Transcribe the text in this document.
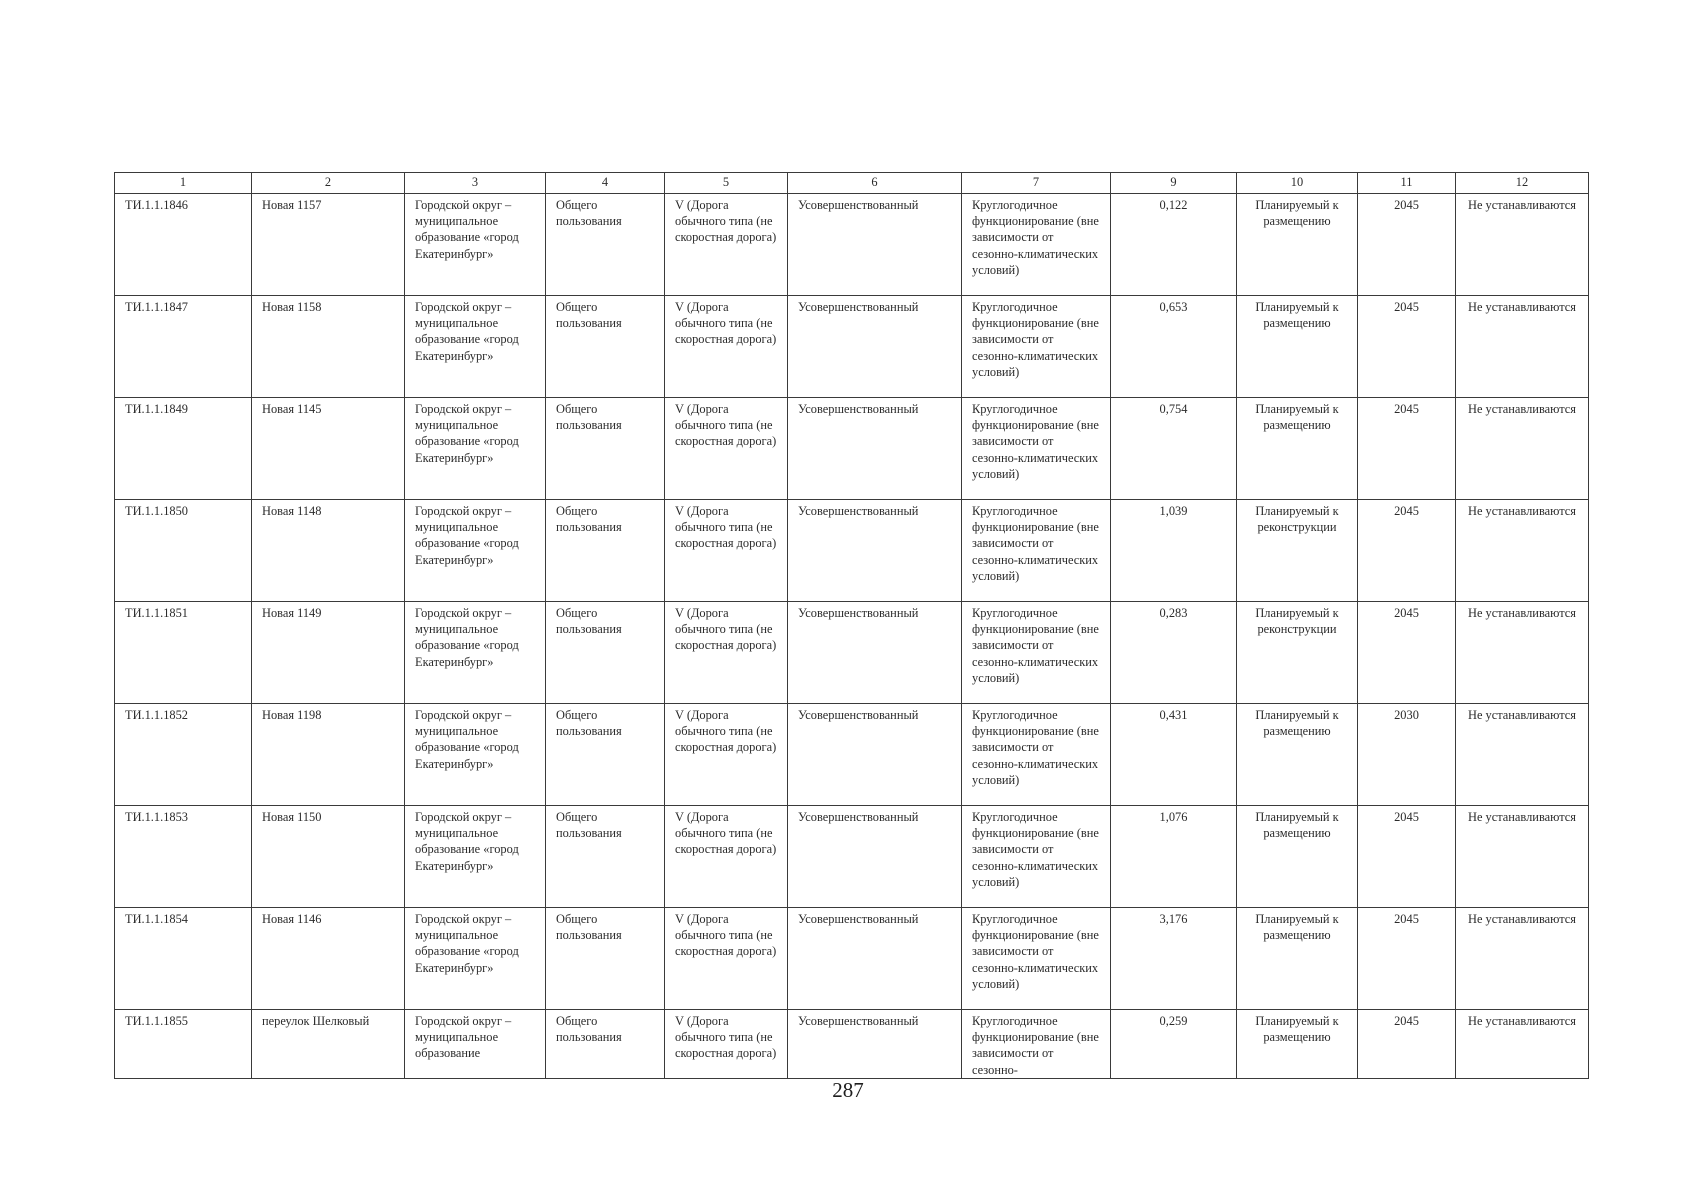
1	2	3	4	5	6	7	9	10	11	12

ТИ.1.1.1846	Новая 1157	Городской округ – муниципальное образование «город Екатеринбург»	Общего пользования	V (Дорога обычного типа (не скоростная дорога)	Усовершенствованный	Круглогодичное функционирование (вне зависимости от сезонно-климатических условий)	0,122	Планируемый к размещению	2045	Не устанавливаются

ТИ.1.1.1847	Новая 1158	Городской округ – муниципальное образование «город Екатеринбург»	Общего пользования	V (Дорога обычного типа (не скоростная дорога)	Усовершенствованный	Круглогодичное функционирование (вне зависимости от сезонно-климатических условий)	0,653	Планируемый к размещению	2045	Не устанавливаются

ТИ.1.1.1849	Новая 1145	Городской округ – муниципальное образование «город Екатеринбург»	Общего пользования	V (Дорога обычного типа (не скоростная дорога)	Усовершенствованный	Круглогодичное функционирование (вне зависимости от сезонно-климатических условий)	0,754	Планируемый к размещению	2045	Не устанавливаются

ТИ.1.1.1850	Новая 1148	Городской округ – муниципальное образование «город Екатеринбург»	Общего пользования	V (Дорога обычного типа (не скоростная дорога)	Усовершенствованный	Круглогодичное функционирование (вне зависимости от сезонно-климатических условий)	1,039	Планируемый к реконструкции	2045	Не устанавливаются

ТИ.1.1.1851	Новая 1149	Городской округ – муниципальное образование «город Екатеринбург»	Общего пользования	V (Дорога обычного типа (не скоростная дорога)	Усовершенствованный	Круглогодичное функционирование (вне зависимости от сезонно-климатических условий)	0,283	Планируемый к реконструкции	2045	Не устанавливаются

ТИ.1.1.1852	Новая 1198	Городской округ – муниципальное образование «город Екатеринбург»	Общего пользования	V (Дорога обычного типа (не скоростная дорога)	Усовершенствованный	Круглогодичное функционирование (вне зависимости от сезонно-климатических условий)	0,431	Планируемый к размещению	2030	Не устанавливаются

ТИ.1.1.1853	Новая 1150	Городской округ – муниципальное образование «город Екатеринбург»	Общего пользования	V (Дорога обычного типа (не скоростная дорога)	Усовершенствованный	Круглогодичное функционирование (вне зависимости от сезонно-климатических условий)	1,076	Планируемый к размещению	2045	Не устанавливаются

ТИ.1.1.1854	Новая 1146	Городской округ – муниципальное образование «город Екатеринбург»	Общего пользования	V (Дорога обычного типа (не скоростная дорога)	Усовершенствованный	Круглогодичное функционирование (вне зависимости от сезонно-климатических условий)	3,176	Планируемый к размещению	2045	Не устанавливаются

ТИ.1.1.1855	переулок Шелковый	Городской округ – муниципальное образование	Общего пользования	V (Дорога обычного типа (не скоростная дорога)	Усовершенствованный	Круглогодичное функционирование (вне зависимости от сезонно-	0,259	Планируемый к размещению	2045	Не устанавливаются
287
